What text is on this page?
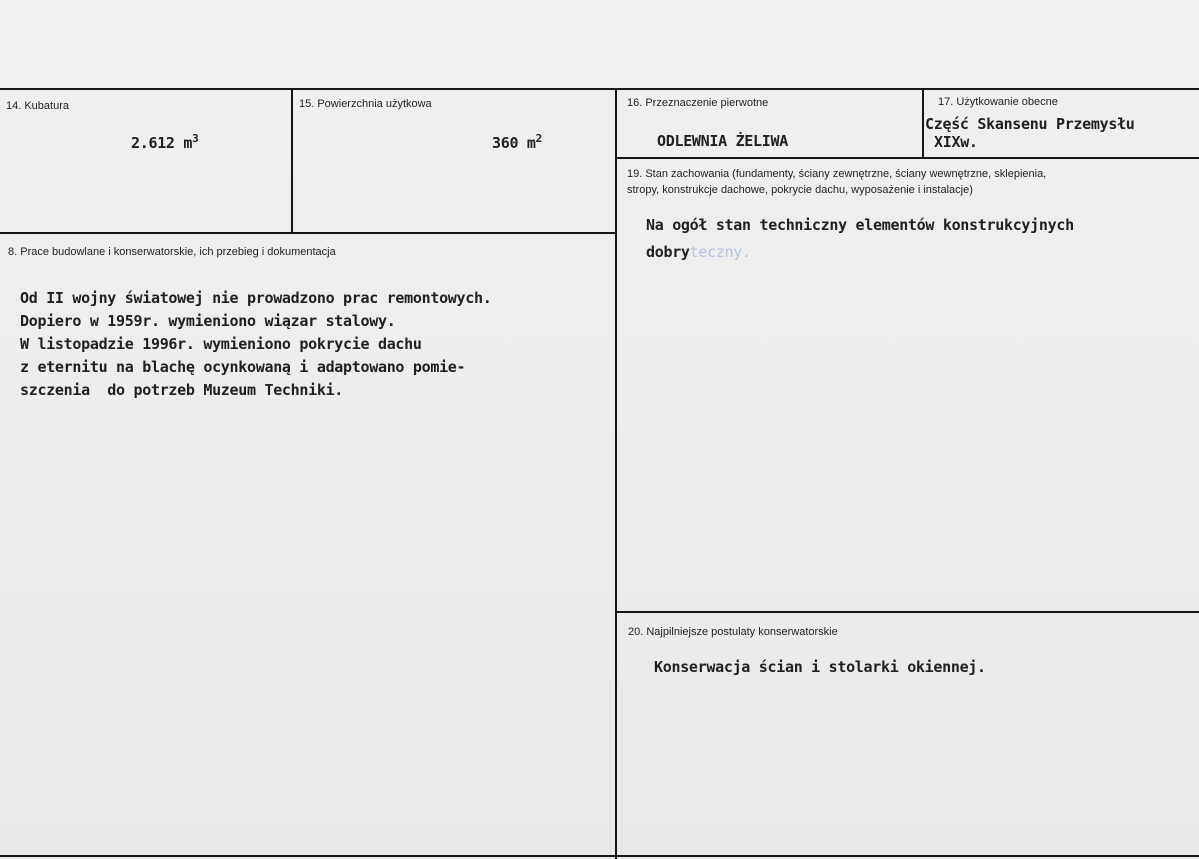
14. Kubatura
2.612 $m^3$
15. Powierzchnia użytkowa
360 $m^2$
16. Przeznaczenie pierwotne
ODLEWNIA ŻELIWA
17. Użytkowanie obecne
Część Skansenu Przemysłu
XIXw.
8. Prace budowlane i konserwatorskie, ich przebieg i dokumentacja
Od II wojny światowej nie prowadzono prac remontowych.
Dopiero w 1959r. wymieniono wiązar stalowy.
W listopadzie 1996r. wymieniono pokrycie dachu
z eternitu na blachę ocynkowaną i adaptowano pomie-
szczenia  do potrzeb Muzeum Techniki.
19. Stan zachowania (fundamenty, ściany zewnętrzne, ściany wewnętrzne, sklepienia,
stropy, konstrukcje dachowe, pokrycie dachu, wyposażenie i instalacje)
Na ogół stan techniczny elementów konstrukcyjnych
dobryteczny.
20. Najpilniejsze postulaty konserwatorskie
Konserwacja ścian i stolarki okiennej.
